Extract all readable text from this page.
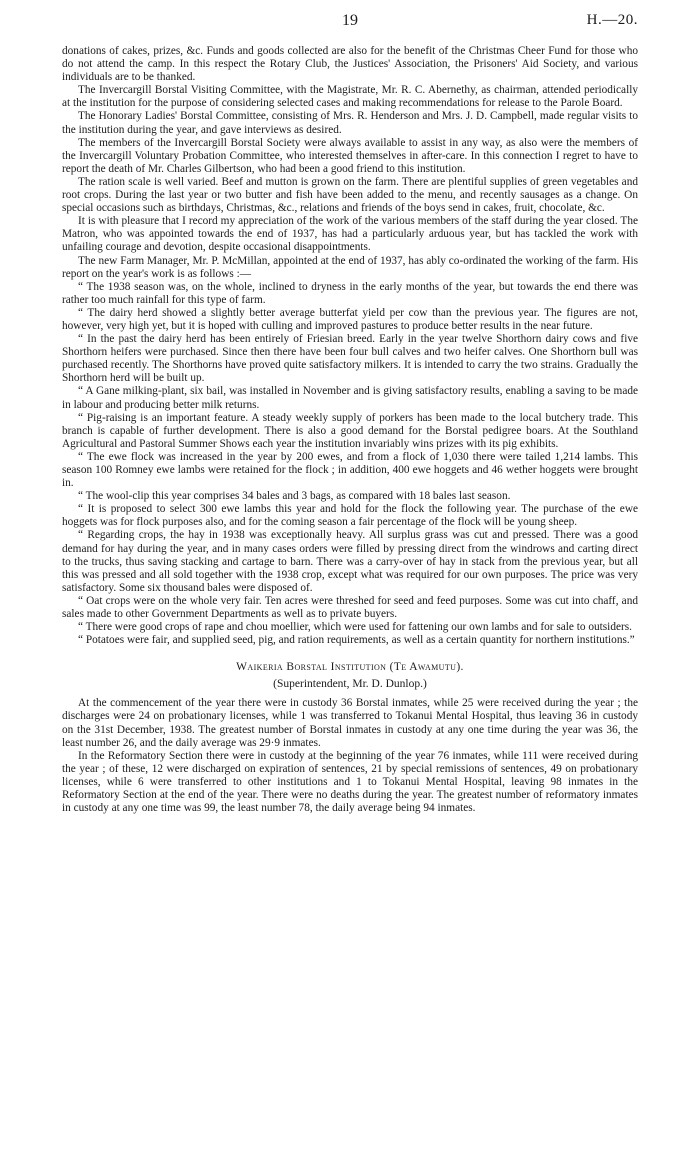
19	H.—20.

donations of cakes, prizes, &c. Funds and goods collected are also for the benefit of the Christmas Cheer Fund for those who do not attend the camp. In this respect the Rotary Club, the Justices' Association, the Prisoners' Aid Society, and various individuals are to be thanked.

The Invercargill Borstal Visiting Committee, with the Magistrate, Mr. R. C. Abernethy, as chairman, attended periodically at the institution for the purpose of considering selected cases and making recommendations for release to the Parole Board.

The Honorary Ladies' Borstal Committee, consisting of Mrs. R. Henderson and Mrs. J. D. Campbell, made regular visits to the institution during the year, and gave interviews as desired.

The members of the Invercargill Borstal Society were always available to assist in any way, as also were the members of the Invercargill Voluntary Probation Committee, who interested themselves in after-care. In this connection I regret to have to report the death of Mr. Charles Gilbertson, who had been a good friend to this institution.

The ration scale is well varied. Beef and mutton is grown on the farm. There are plentiful supplies of green vegetables and root crops. During the last year or two butter and fish have been added to the menu, and recently sausages as a change. On special occasions such as birthdays, Christmas, &c., relations and friends of the boys send in cakes, fruit, chocolate, &c.

It is with pleasure that I record my appreciation of the work of the various members of the staff during the year closed. The Matron, who was appointed towards the end of 1937, has had a particularly arduous year, but has tackled the work with unfailing courage and devotion, despite occasional disappointments.

The new Farm Manager, Mr. P. McMillan, appointed at the end of 1937, has ably co-ordinated the working of the farm. His report on the year's work is as follows :—

“ The 1938 season was, on the whole, inclined to dryness in the early months of the year, but towards the end there was rather too much rainfall for this type of farm.

“ The dairy herd showed a slightly better average butterfat yield per cow than the previous year. The figures are not, however, very high yet, but it is hoped with culling and improved pastures to produce better results in the near future.

“ In the past the dairy herd has been entirely of Friesian breed. Early in the year twelve Shorthorn dairy cows and five Shorthorn heifers were purchased. Since then there have been four bull calves and two heifer calves. One Shorthorn bull was purchased recently. The Shorthorns have proved quite satisfactory milkers. It is intended to carry the two strains. Gradually the Shorthorn herd will be built up.

“ A Gane milking-plant, six bail, was installed in November and is giving satisfactory results, enabling a saving to be made in labour and producing better milk returns.

“ Pig-raising is an important feature. A steady weekly supply of porkers has been made to the local butchery trade. This branch is capable of further development. There is also a good demand for the Borstal pedigree boars. At the Southland Agricultural and Pastoral Summer Shows each year the institution invariably wins prizes with its pig exhibits.

“ The ewe flock was increased in the year by 200 ewes, and from a flock of 1,030 there were tailed 1,214 lambs. This season 100 Romney ewe lambs were retained for the flock ; in addition, 400 ewe hoggets and 46 wether hoggets were brought in.

“ The wool-clip this year comprises 34 bales and 3 bags, as compared with 18 bales last season.

“ It is proposed to select 300 ewe lambs this year and hold for the flock the following year. The purchase of the ewe hoggets was for flock purposes also, and for the coming season a fair percentage of the flock will be young sheep.

“ Regarding crops, the hay in 1938 was exceptionally heavy. All surplus grass was cut and pressed. There was a good demand for hay during the year, and in many cases orders were filled by pressing direct from the windrows and carting direct to the trucks, thus saving stacking and cartage to barn. There was a carry-over of hay in stack from the previous year, but all this was pressed and all sold together with the 1938 crop, except what was required for our own purposes. The price was very satisfactory. Some six thousand bales were disposed of.

“ Oat crops were on the whole very fair. Ten acres were threshed for seed and feed purposes. Some was cut into chaff, and sales made to other Government Departments as well as to private buyers.

“ There were good crops of rape and chou moellier, which were used for fattening our own lambs and for sale to outsiders.

“ Potatoes were fair, and supplied seed, pig, and ration requirements, as well as a certain quantity for northern institutions.”

Waikeria Borstal Institution (Te Awamutu).
(Superintendent, Mr. D. Dunlop.)

At the commencement of the year there were in custody 36 Borstal inmates, while 25 were received during the year ; the discharges were 24 on probationary licenses, while 1 was transferred to Tokanui Mental Hospital, thus leaving 36 in custody on the 31st December, 1938. The greatest number of Borstal inmates in custody at any one time during the year was 36, the least number 26, and the daily average was 29·9 inmates.

In the Reformatory Section there were in custody at the beginning of the year 76 inmates, while 111 were received during the year ; of these, 12 were discharged on expiration of sentences, 21 by special remissions of sentences, 49 on probationary licenses, while 6 were transferred to other institutions and 1 to Tokanui Mental Hospital, leaving 98 inmates in the Reformatory Section at the end of the year. There were no deaths during the year. The greatest number of reformatory inmates in custody at any one time was 99, the least number 78, the daily average being 94 inmates.
